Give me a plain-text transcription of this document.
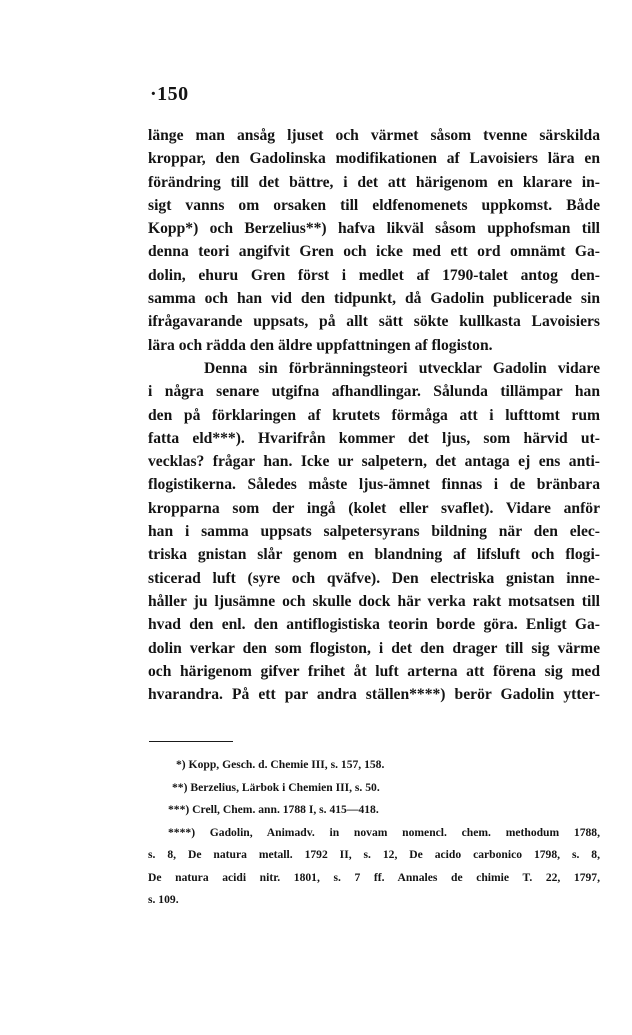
·150
länge man ansåg ljuset och värmet såsom tvenne särskilda
kroppar, den Gadolinska modifikationen af Lavoisiers lära en
förändring till det bättre, i det att härigenom en klarare in-
sigt vanns om orsaken till eldfenomenets uppkomst. Både
Kopp*) och Berzelius**) hafva likväl såsom upphofsman till
denna teori angifvit Gren och icke med ett ord omnämt Ga-
dolin, ehuru Gren först i medlet af 1790-talet antog den-
samma och han vid den tidpunkt, då Gadolin publicerade sin
ifrågavarande uppsats, på allt sätt sökte kullkasta Lavoisiers
lära och rädda den äldre uppfattningen af flogiston.
Denna sin förbränningsteori utvecklar Gadolin vidare
i några senare utgifna afhandlingar. Sålunda tillämpar han
den på förklaringen af krutets förmåga att i lufttomt rum
fatta eld***). Hvarifrån kommer det ljus, som härvid ut-
vecklas? frågar han. Icke ur salpetern, det antaga ej ens anti-
flogistikerna. Således måste ljus-ämnet finnas i de bränbara
kropparna som der ingå (kolet eller svaflet). Vidare anför
han i samma uppsats salpetersyrans bildning när den elec-
triska gnistan slår genom en blandning af lifsluft och flogi-
sticerad luft (syre och qväfve). Den electriska gnistan inne-
håller ju ljusämne och skulle dock här verka rakt motsatsen till
hvad den enl. den antiflogistiska teorin borde göra. Enligt Ga-
dolin verkar den som flogiston, i det den drager till sig värme
och härigenom gifver frihet åt luft arterna att förena sig med
hvarandra. På ett par andra ställen****) berör Gadolin ytter-
*) Kopp, Gesch. d. Chemie III, s. 157, 158.
**) Berzelius, Lärbok i Chemien III, s. 50.
***) Crell, Chem. ann. 1788 I, s. 415—418.
****) Gadolin, Animadv. in novam nomencl. chem. methodum 1788,
s. 8, De natura metall. 1792 II, s. 12, De acido carbonico 1798, s. 8,
De natura acidi nitr. 1801, s. 7 ff. Annales de chimie T. 22, 1797,
s. 109.
